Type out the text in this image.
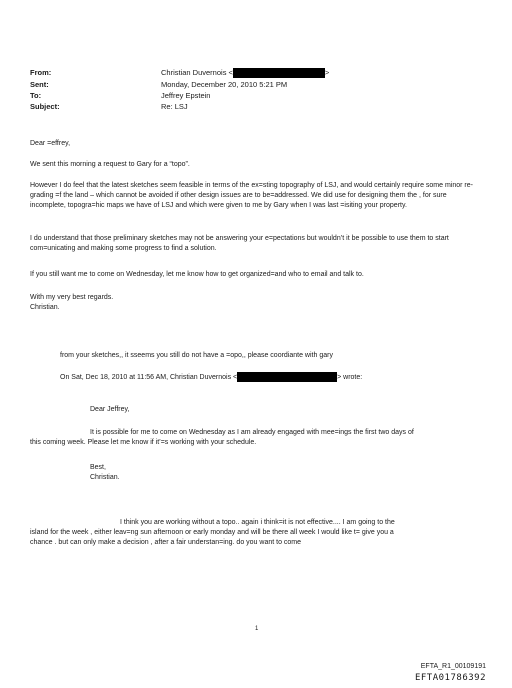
From:	Christian Duvernois <	>
Sent:	Monday, December 20, 2010 5:21 PM
To:	Jeffrey Epstein
Subject:	Re: LSJ

Dear =effrey,

We sent this morning a request to Gary for a “topo”.

However I do feel that the latest sketches seem feasible in terms of the ex=sting topography of LSJ, and would certainly require some minor re-grading =f the land – which cannot be avoided if other design issues are to be=addressed. We did use for designing them the , for sure incomplete, topogra=hic maps we have of LSJ and which were given to me by Gary when I was last =isiting your property.

I do understand that those preliminary sketches may not be answering your e=pectations but wouldn’t it be possible to use them to start com=unicating and making some progress to find a solution.

If you still want me to come on Wednesday, let me know how to get organized=and who to email and talk to.

With my very best regards.

Christian.

from your sketches,, it sseems you still do not have a =opo,, please coordiante with gary

On Sat, Dec 18, 2010 at 11:56 AM, Christian Duvernois <	> wrote:

Dear Jeffrey,

It is possible for me to come on Wednesday as I am already engaged with mee=ings the first two days of
this coming week. Please let me know if it’=s working with your schedule.

Best,

Christian.

I think you are working without a topo.. again i think=it is not effective.... I am going to the
island for the week , either leav=ng sun afternoon or early monday and will be there all week I would like t= give you a
chance . but can only make a decision , after a fair understan=ing. do you want to come
1
EFTA_R1_00109191
EFTA01786392
